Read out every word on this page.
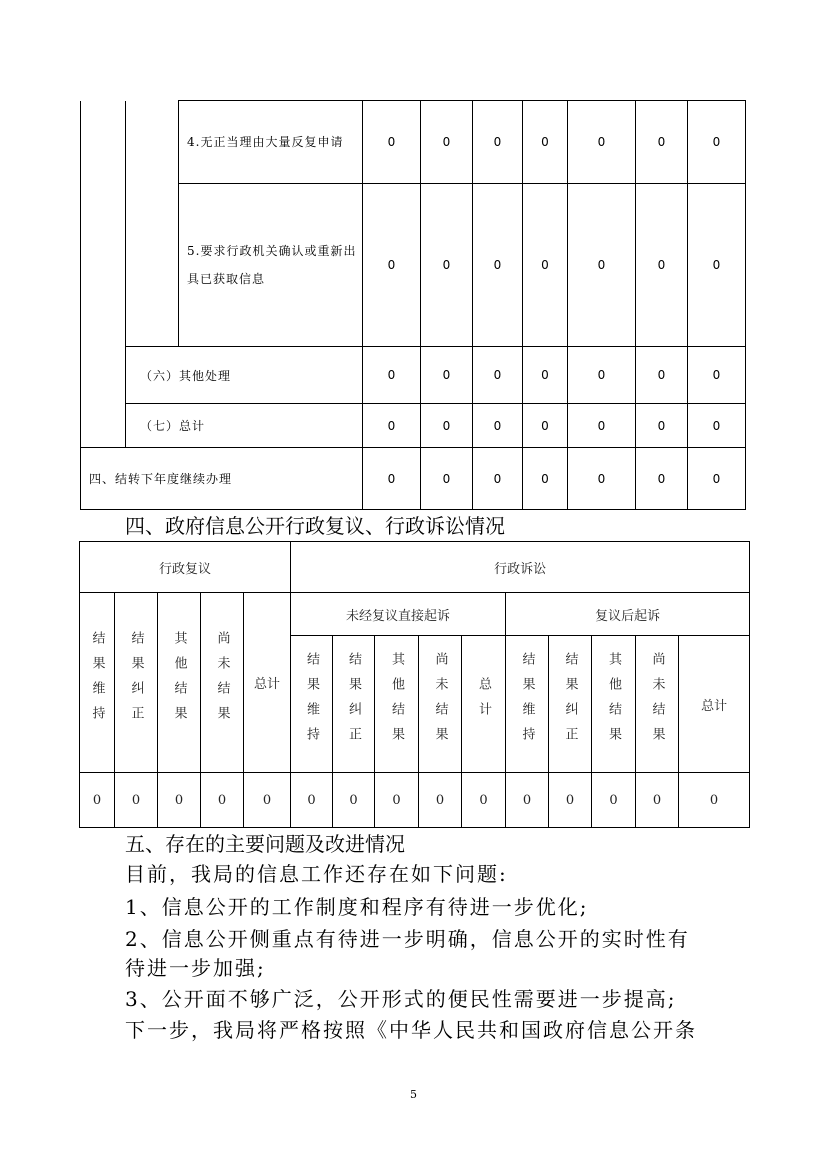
		4.无正当理由大量反复申请	0	0	0	0	0	0	0
		5.要求行政机关确认或重新出具已获取信息	0	0	0	0	0	0	0
	（六）其他处理		0	0	0	0	0	0	0
	（七）总计		0	0	0	0	0	0	0
四、结转下年度继续办理			0	0	0	0	0	0	0
四、政府信息公开行政复议、行政诉讼情况
行政复议					行政诉讼									
结果维持	结果纠正	其他结果	尚未结果	总计	未经复议直接起诉					复议后起诉				
					结果维持	结果纠正	其他结果	尚未结果	总计	结果维持	结果纠正	其他结果	尚未结果	总计
0	0	0	0	0	0	0	0	0	0	0	0	0	0	0
五、存在的主要问题及改进情况
目前，我局的信息工作还存在如下问题:
1、信息公开的工作制度和程序有待进一步优化;
2、信息公开侧重点有待进一步明确，信息公开的实时性有
待进一步加强;
3、公开面不够广泛，公开形式的便民性需要进一步提高;
下一步，我局将严格按照《中华人民共和国政府信息公开条
5
